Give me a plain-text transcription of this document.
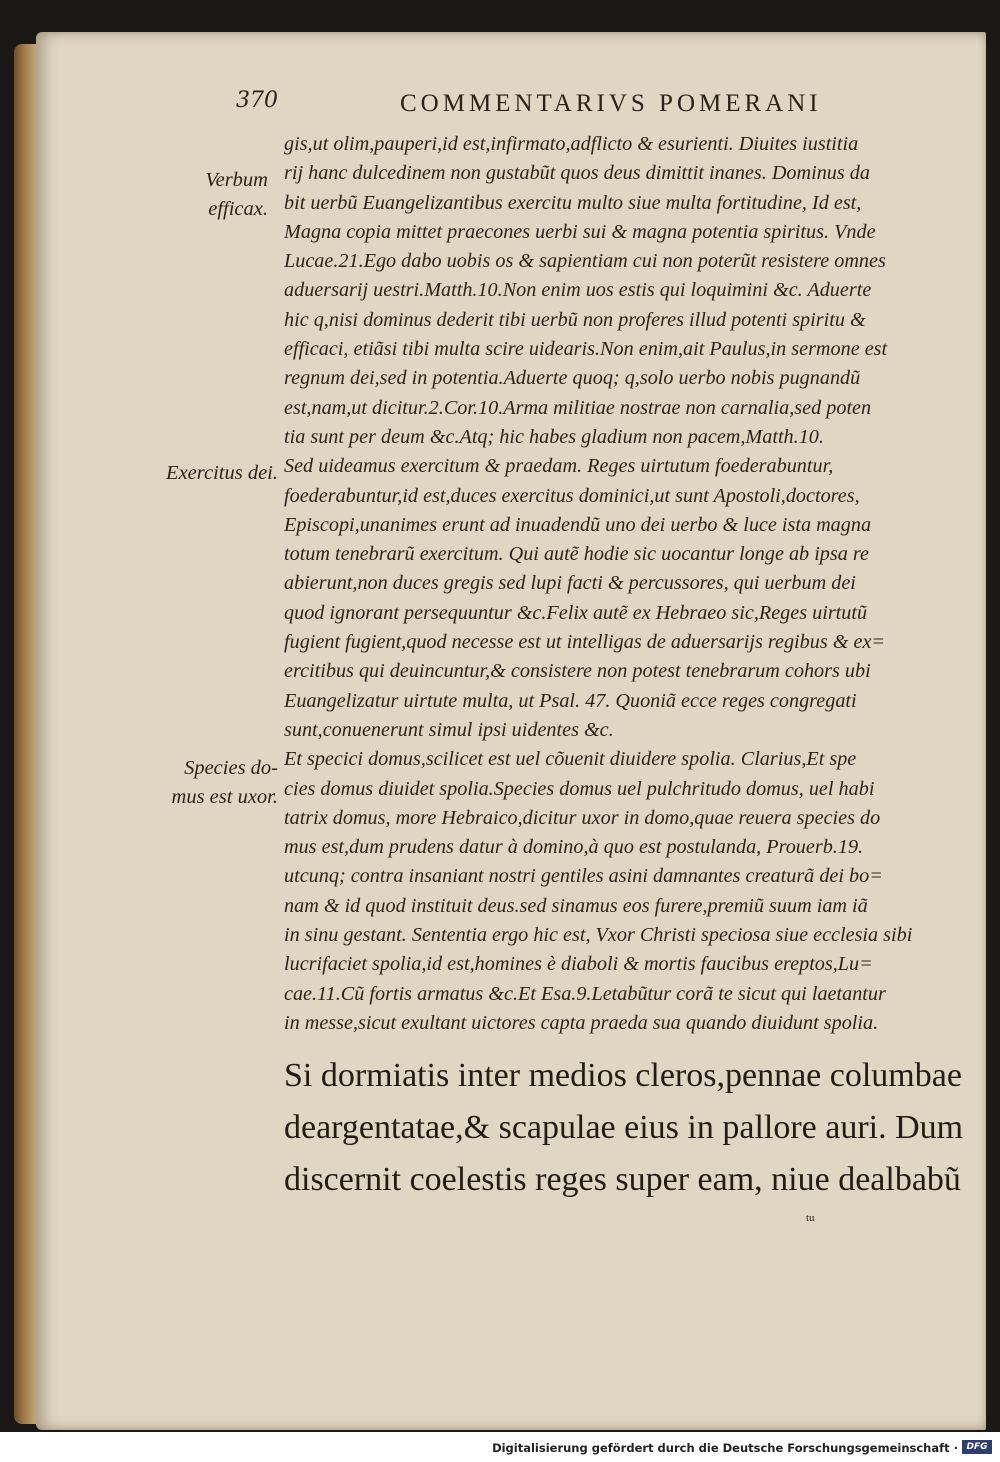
370	COMMENTARIVS POMERANI
Verbum
efficax.
Exercitus dei.
Species do-
mus est uxor.
gis,ut olim,pauperi,id est,infirmato,adflicto & esurienti. Diuites iustitia
rij hanc dulcedinem non gustabũt quos deus dimittit inanes. Dominus da
bit uerbũ Euangelizantibus exercitu multo siue multa fortitudine, Id est,
Magna copia mittet praecones uerbi sui & magna potentia spiritus. Vnde
Lucae.21.Ego dabo uobis os & sapientiam cui non poterũt resistere omnes
aduersarij uestri.Matth.10.Non enim uos estis qui loquimini &c. Aduerte
hic q,nisi dominus dederit tibi uerbũ non proferes illud potenti spiritu &
efficaci, etiãsi tibi multa scire uidearis.Non enim,ait Paulus,in sermone est
regnum dei,sed in potentia.Aduerte quoq; q,solo uerbo nobis pugnandũ
est,nam,ut dicitur.2.Cor.10.Arma militiae nostrae non carnalia,sed poten
tia sunt per deum &c.Atq; hic habes gladium non pacem,Matth.10.
Sed uideamus exercitum & praedam. Reges uirtutum foederabuntur,
foederabuntur,id est,duces exercitus dominici,ut sunt Apostoli,doctores,
Episcopi,unanimes erunt ad inuadendũ uno dei uerbo & luce ista magna
totum tenebrarũ exercitum. Qui autẽ hodie sic uocantur longe ab ipsa re
abierunt,non duces gregis sed lupi facti & percussores, qui uerbum dei
quod ignorant persequuntur &c.Felix autẽ ex Hebraeo sic,Reges uirtutũ
fugient fugient,quod necesse est ut intelligas de aduersarijs regibus & ex=
ercitibus qui deuincuntur,& consistere non potest tenebrarum cohors ubi
Euangelizatur uirtute multa, ut Psal. 47. Quoniã ecce reges congregati
sunt,conuenerunt simul ipsi uidentes &c.
Et specici domus,scilicet est uel cõuenit diuidere spolia. Clarius,Et spe
cies domus diuidet spolia.Species domus uel pulchritudo domus, uel habi
tatrix domus, more Hebraico,dicitur uxor in domo,quae reuera species do
mus est,dum prudens datur à domino,à quo est postulanda, Prouerb.19.
utcunq; contra insaniant nostri gentiles asini damnantes creaturã dei bo=
nam & id quod instituit deus.sed sinamus eos furere,premiũ suum iam iã
in sinu gestant. Sententia ergo hic est, Vxor Christi speciosa siue ecclesia sibi
lucrifaciet spolia,id est,homines è diaboli & mortis faucibus ereptos,Lu=
cae.11.Cũ fortis armatus &c.Et Esa.9.Letabũtur corã te sicut qui laetantur
in messe,sicut exultant uictores capta praeda sua quando diuidunt spolia.
Si dormiatis inter medios cleros,pennae columbae
deargentatae,& scapulae eius in pallore auri. Dum
discernit coelestis reges super eam, niue dealbabũ
tu
Digitalisierung gefördert durch die Deutsche Forschungsgemeinschaft · DFG
